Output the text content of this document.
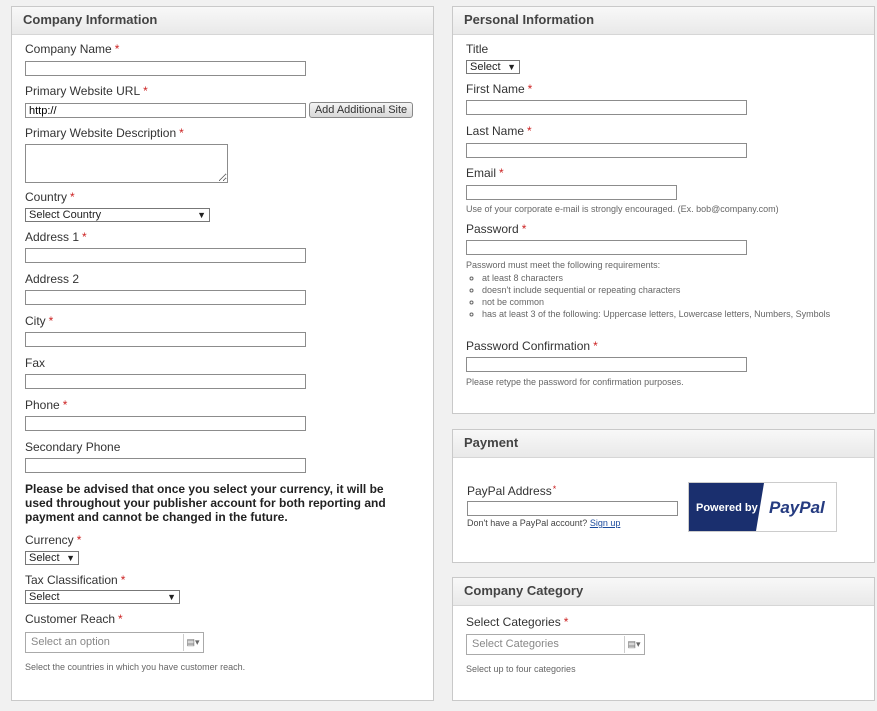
Company Information
Company Name *
Primary Website URL *
http://
Add Additional Site
Primary Website Description *
Country *
Select Country	▼
Address 1 *
Address 2
City *
Fax
Phone *
Secondary Phone
Please be advised that once you select your currency, it will be used throughout your publisher account for both reporting and payment and cannot be changed in the future.
Currency *
Select ▼
Tax Classification *
Select	▼
Customer Reach *
Select an option	▤▾
Select the countries in which you have customer reach.
Personal Information
Title
Select ▼
First Name *
Last Name *
Email *
Use of your corporate e-mail is strongly encouraged. (Ex. bob@company.com)
Password *
Password must meet the following requirements:
◦ at least 8 characters
◦ doesn't include sequential or repeating characters
◦ not be common
◦ has at least 3 of the following: Uppercase letters, Lowercase letters, Numbers, Symbols
Password Confirmation *
Please retype the password for confirmation purposes.
Payment
PayPal Address*
Don't have a PayPal account? Sign up
Powered by PayPal
Company Category
Select Categories *
Select Categories	▤▾
Select up to four categories
